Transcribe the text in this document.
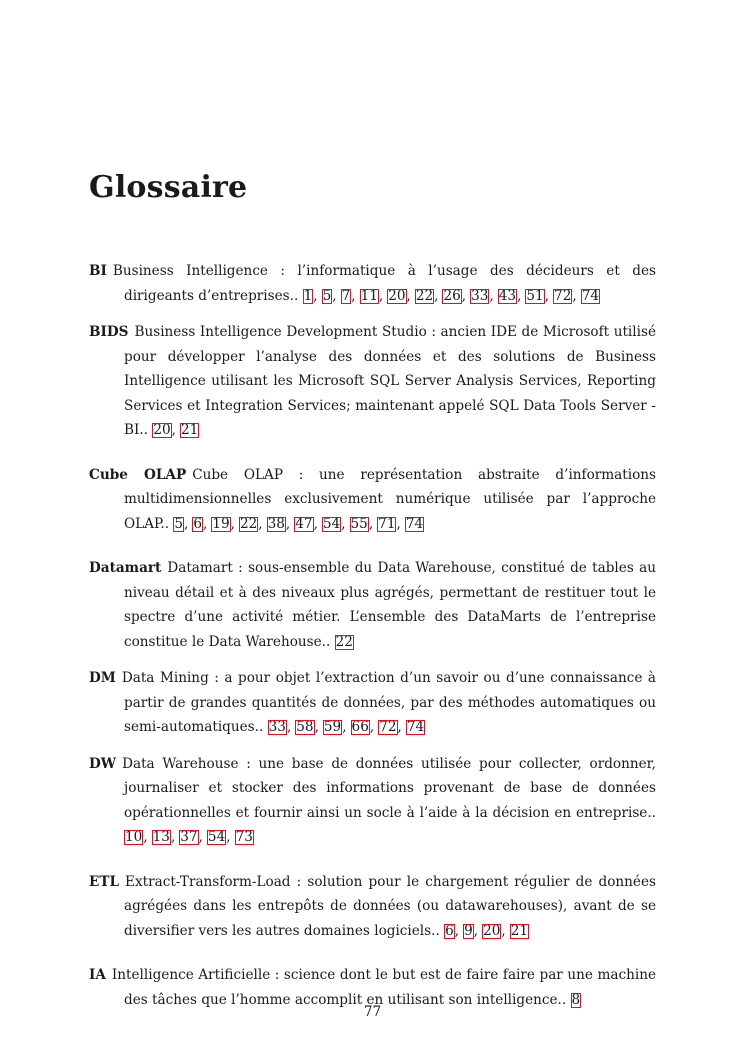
Glossaire

BI Business Intelligence : l’informatique à l’usage des décideurs et des dirigeants d’entreprises.. 1, 5, 7, 11, 20, 22, 26, 33, 43, 51, 72, 74

BIDS Business Intelligence Development Studio : ancien IDE de Microsoft utilisé pour développer l’analyse des données et des solutions de Business Intelligence utilisant les Microsoft SQL Server Analysis Services, Reporting Services et Integration Services; maintenant appelé SQL Data Tools Server - BI.. 20, 21

Cube OLAP Cube OLAP : une représentation abstraite d’informations multidimensionnelles exclusivement numérique utilisée par l’approche OLAP.. 5, 6, 19, 22, 38, 47, 54, 55, 71, 74

Datamart Datamart : sous-ensemble du Data Warehouse, constitué de tables au niveau détail et à des niveaux plus agrégés, permettant de restituer tout le spectre d’une activité métier. L’ensemble des DataMarts de l’entreprise constitue le Data Warehouse.. 22

DM Data Mining : a pour objet l’extraction d’un savoir ou d’une connaissance à partir de grandes quantités de données, par des méthodes automatiques ou semi-automatiques.. 33, 58, 59, 66, 72, 74

DW Data Warehouse : une base de données utilisée pour collecter, ordonner, journaliser et stocker des informations provenant de base de données opérationnelles et fournir ainsi un socle à l’aide à la décision en entreprise.. 10, 13, 37, 54, 73

ETL Extract-Transform-Load : solution pour le chargement régulier de données agrégées dans les entrepôts de données (ou datawarehouses), avant de se diversifier vers les autres domaines logiciels.. 6, 9, 20, 21

IA Intelligence Artificielle : science dont le but est de faire faire par une machine des tâches que l’homme accomplit en utilisant son intelligence.. 8

77
